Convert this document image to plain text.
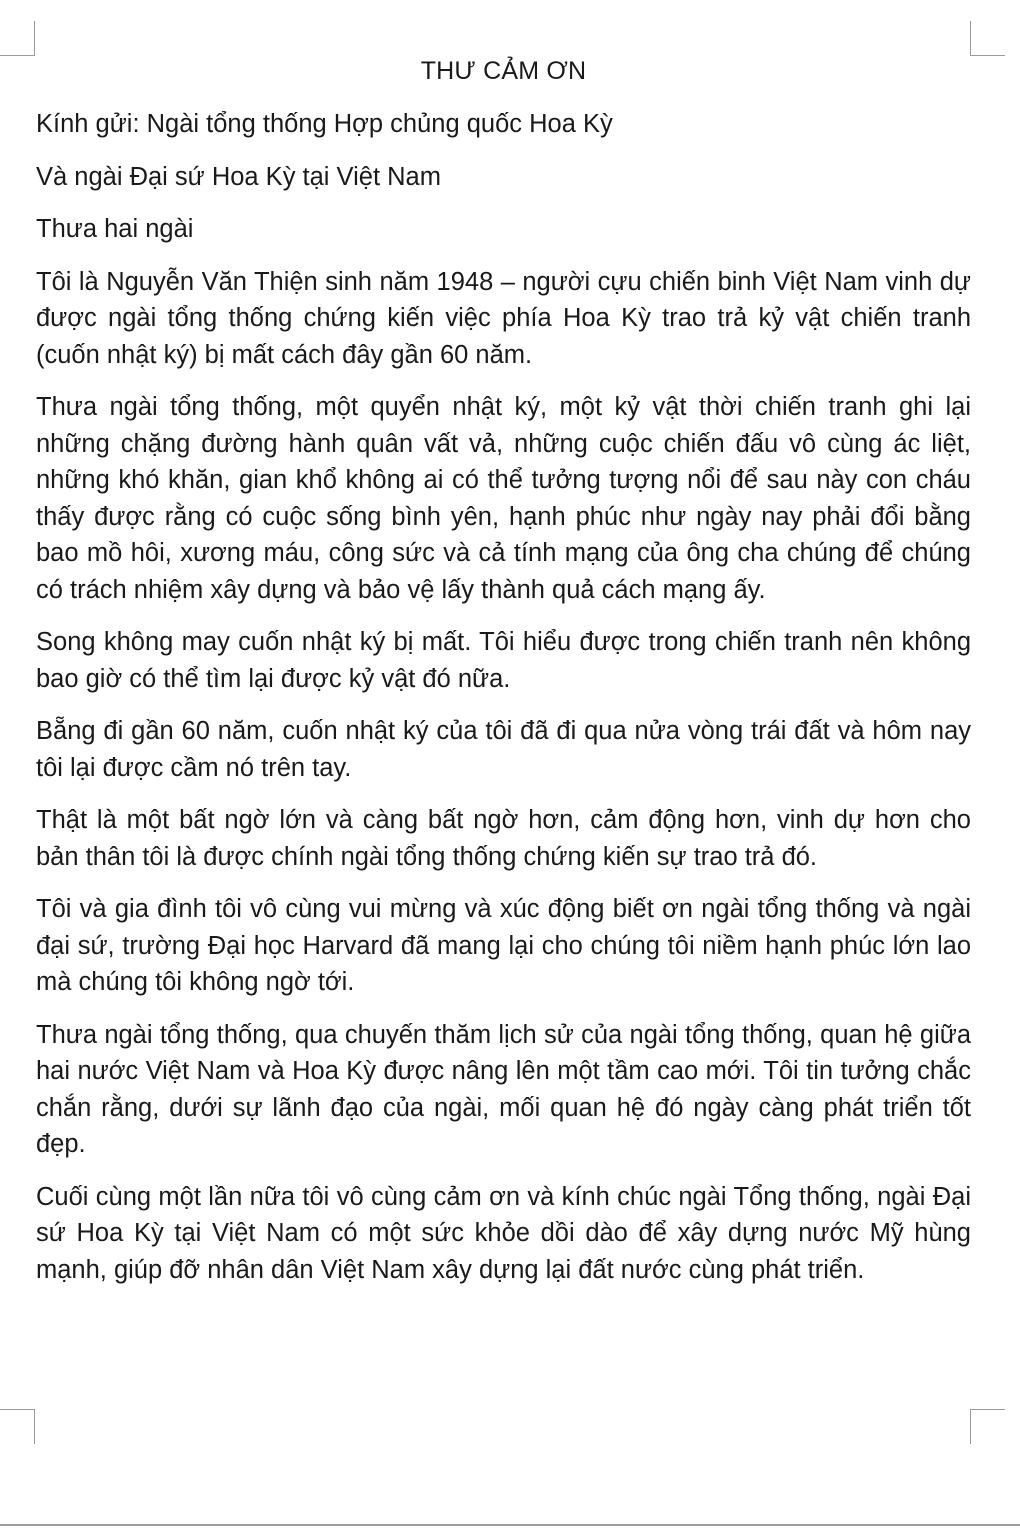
THƯ CẢM ƠN
Kính gửi: Ngài tổng thống Hợp chủng quốc Hoa Kỳ
Và ngài Đại sứ Hoa Kỳ tại Việt Nam
Thưa hai ngài
Tôi là Nguyễn Văn Thiện sinh năm 1948 – người cựu chiến binh Việt Nam vinh dự được ngài tổng thống chứng kiến việc phía Hoa Kỳ trao trả kỷ vật chiến tranh (cuốn nhật ký) bị mất cách đây gần 60 năm.
Thưa ngài tổng thống, một quyển nhật ký, một kỷ vật thời chiến tranh ghi lại những chặng đường hành quân vất vả, những cuộc chiến đấu vô cùng ác liệt, những khó khăn, gian khổ không ai có thể tưởng tượng nổi để sau này con cháu thấy được rằng có cuộc sống bình yên, hạnh phúc như ngày nay phải đổi bằng bao mồ hôi, xương máu, công sức và cả tính mạng của ông cha chúng để chúng có trách nhiệm xây dựng và bảo vệ lấy thành quả cách mạng ấy.
Song không may cuốn nhật ký bị mất. Tôi hiểu được trong chiến tranh nên không bao giờ có thể tìm lại được kỷ vật đó nữa.
Bẵng đi gần 60 năm, cuốn nhật ký của tôi đã đi qua nửa vòng trái đất và hôm nay tôi lại được cầm nó trên tay.
Thật là một bất ngờ lớn và càng bất ngờ hơn, cảm động hơn, vinh dự hơn cho bản thân tôi là được chính ngài tổng thống chứng kiến sự trao trả đó.
Tôi và gia đình tôi vô cùng vui mừng và xúc động biết ơn ngài tổng thống và ngài đại sứ, trường Đại học Harvard đã mang lại cho chúng tôi niềm hạnh phúc lớn lao mà chúng tôi không ngờ tới.
Thưa ngài tổng thống, qua chuyến thăm lịch sử của ngài tổng thống, quan hệ giữa hai nước Việt Nam và Hoa Kỳ được nâng lên một tầm cao mới. Tôi tin tưởng chắc chắn rằng, dưới sự lãnh đạo của ngài, mối quan hệ đó ngày càng phát triển tốt đẹp.
Cuối cùng một lần nữa tôi vô cùng cảm ơn và kính chúc ngài Tổng thống, ngài Đại sứ Hoa Kỳ tại Việt Nam có một sức khỏe dồi dào để xây dựng nước Mỹ hùng mạnh, giúp đỡ nhân dân Việt Nam xây dựng lại đất nước cùng phát triển.
